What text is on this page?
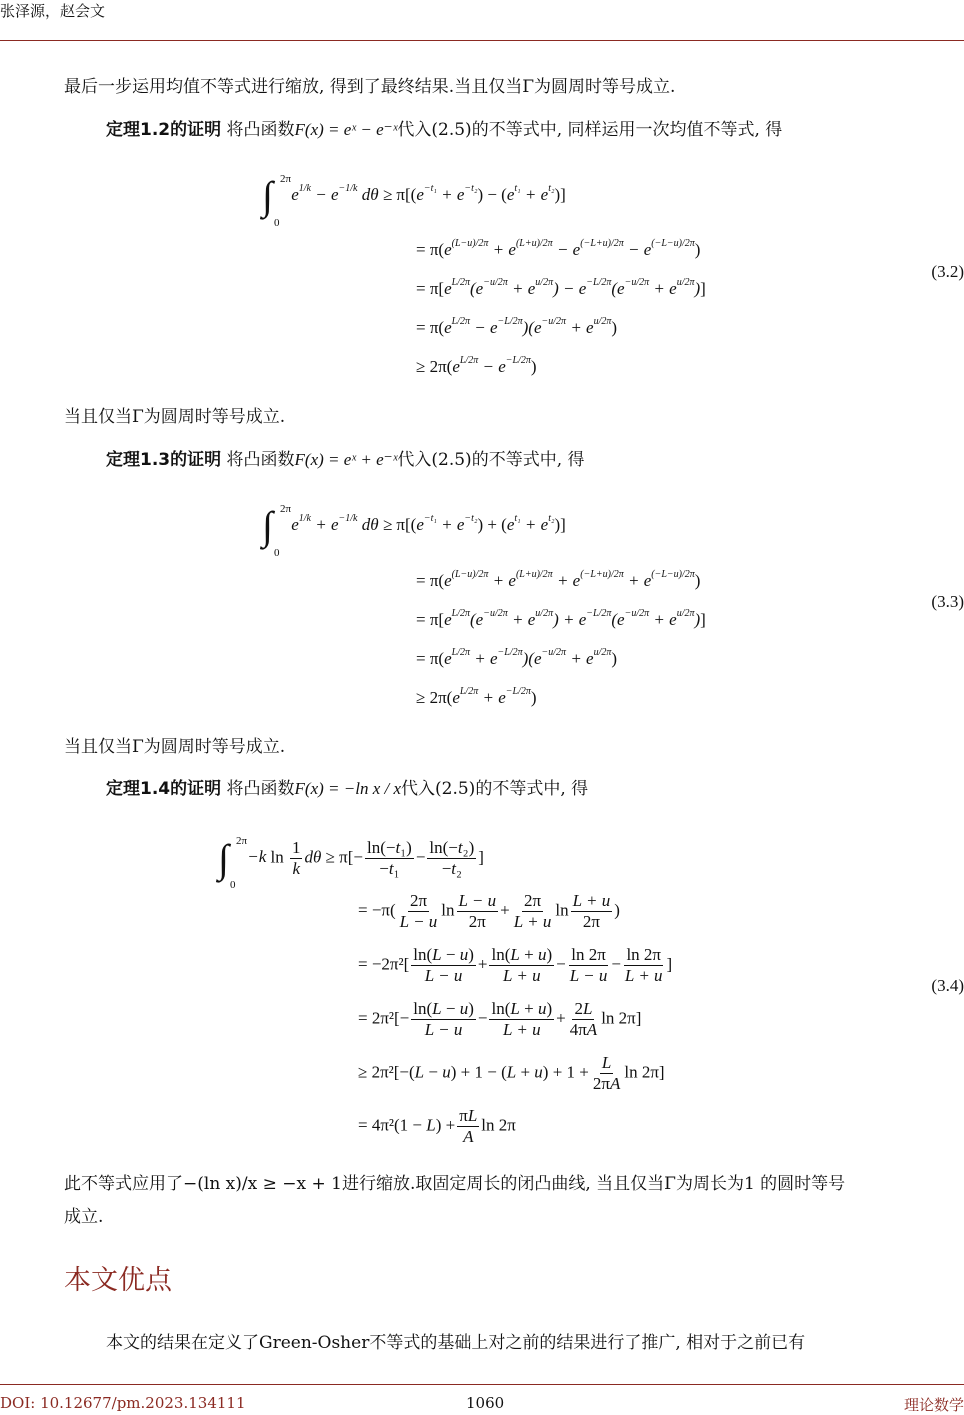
张泽源，赵会文
最后一步运用均值不等式进行缩放, 得到了最终结果.当且仅当Γ为圆周时等号成立.
定理1.2的证明 将凸函数F(x) = eˣ − e⁻ˣ代入(2.5)的不等式中, 同样运用一次均值不等式, 得
∫ 2π
0
$e^{1/k} - e^{-1/k}$ $d\theta \ge \pi[(e^{-t_1} + e^{-t_2}) - (e^{t_1} + e^{t_2})]$
= $\pi(e^{(L-u)/2\pi} + e^{(L+u)/2\pi} - e^{(-L+u)/2\pi} - e^{(-L-u)/2\pi})$
= $\pi[e^{L/2\pi}(e^{-u/2\pi} + e^{u/2\pi}) - e^{-L/2\pi}(e^{-u/2\pi} + e^{u/2\pi})]$
= $\pi(e^{L/2\pi} - e^{-L/2\pi})(e^{-u/2\pi} + e^{u/2\pi})$
≥ $2\pi(e^{L/2\pi} - e^{-L/2\pi})$
(3.2)
当且仅当Γ为圆周时等号成立.
定理1.3的证明 将凸函数F(x) = eˣ + e⁻ˣ代入(2.5)的不等式中, 得
∫ 2π
0
$e^{1/k} + e^{-1/k}$ $d\theta \ge \pi[(e^{-t_1} + e^{-t_2}) + (e^{t_1} + e^{t_2})]$
= $\pi(e^{(L-u)/2\pi} + e^{(L+u)/2\pi} + e^{(-L+u)/2\pi} + e^{(-L-u)/2\pi})$
= $\pi[e^{L/2\pi}(e^{-u/2\pi} + e^{u/2\pi}) + e^{-L/2\pi}(e^{-u/2\pi} + e^{u/2\pi})]$
= $\pi(e^{L/2\pi} + e^{-L/2\pi})(e^{-u/2\pi} + e^{u/2\pi})$
≥ $2\pi(e^{L/2\pi} + e^{-L/2\pi})$
(3.3)
当且仅当Γ为圆周时等号成立.
定理1.4的证明 将凸函数F(x) = −ln x / x代入(2.5)的不等式中, 得
∫ 2π
0
−k $\ln \frac{1}{k}$ $d\theta \ge \pi[- \frac{\text{ln(−t₁)}}{\text{−t₁}} - \frac{\text{ln(−t₂)}}{\text{−t₂}}$ ]
= $-\pi( \frac{2\pi}{L - u}$ $\ln \frac{L - u}{2\pi} + \frac{2\pi}{L + u}$ $\ln \frac{L + u}{2\pi}$ )
= $-2\pi^2[ \frac{\ln(L - u)}{L - u} + \frac{\ln(L + u)}{L + u} - \frac{\ln 2\pi}{L - u} - \frac{\ln 2\pi}{L + u}$ ]
= $2\pi^2[- \frac{\ln(L - u)}{L - u} - \frac{\ln(L + u)}{L + u} + \frac{2L}{4\pi A}$ ln 2π]
≥ $2\pi^2[-(L - u) + 1 - (L + u) + 1 + \frac{L}{2\pi A}$ ln 2π]
= $4\pi^2(1 - L) + \frac{\pi L}{A}$ ln 2π
(3.4)
此不等式应用了−(ln x)/x ≥ −x + 1进行缩放.取固定周长的闭凸曲线, 当且仅当Γ为周长为1 的圆时等号
成立.
本文优点
本文的结果在定义了Green-Osher不等式的基础上对之前的结果进行了推广, 相对于之前已有
DOI: 10.12677/pm.2023.134111	1060	理论数学
